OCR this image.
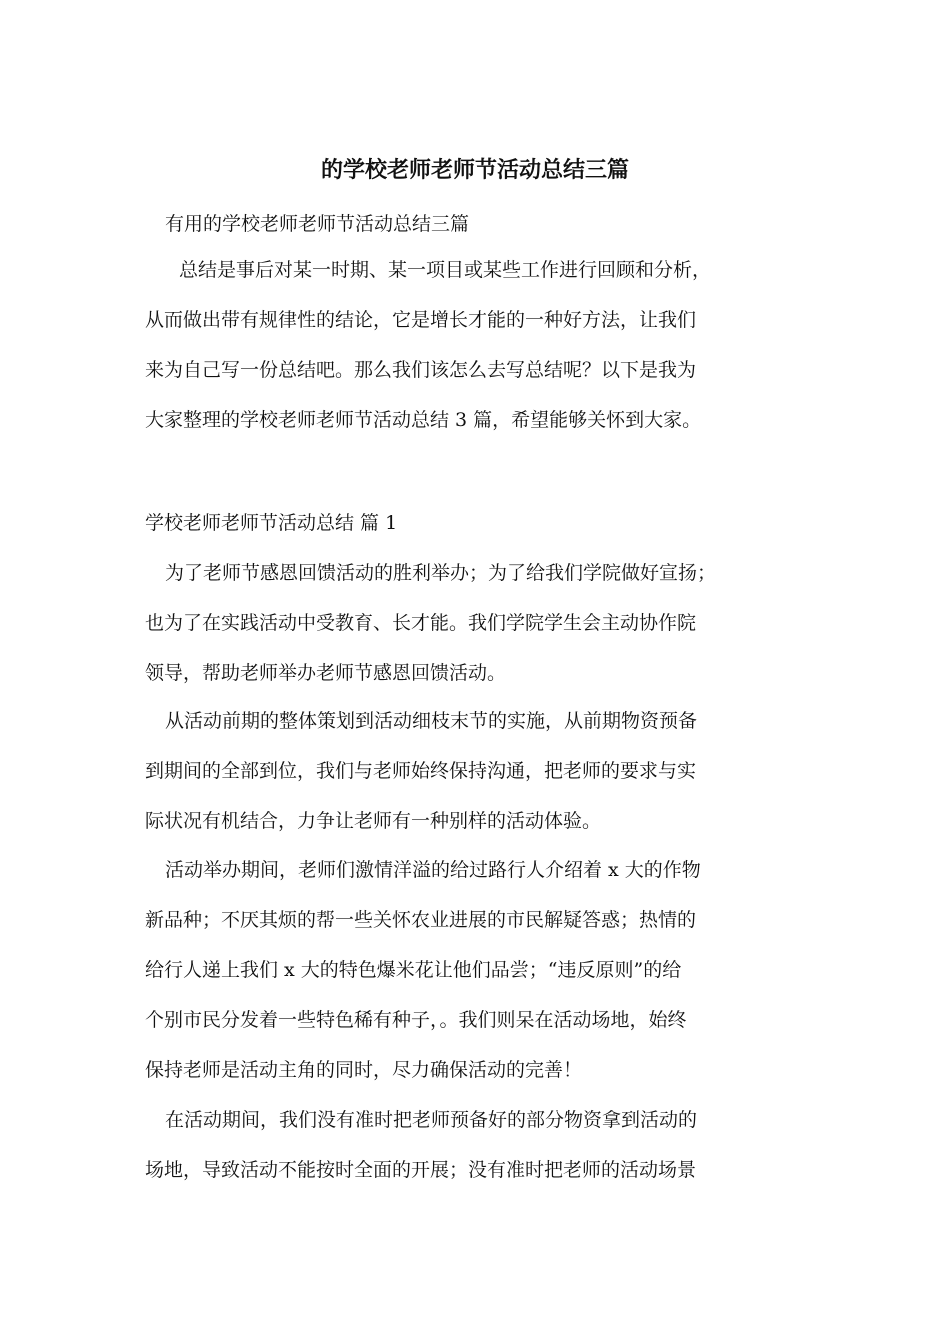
的学校老师老师节活动总结三篇
有用的学校老师老师节活动总结三篇
总结是事后对某一时期、某一项目或某些工作进行回顾和分析，
从而做出带有规律性的结论，它是增长才能的一种好方法，让我们
来为自己写一份总结吧。那么我们该怎么去写总结呢？以下是我为
大家整理的学校老师老师节活动总结 3 篇，希望能够关怀到大家。
学校老师老师节活动总结 篇 1
为了老师节感恩回馈活动的胜利举办；为了给我们学院做好宣扬；
也为了在实践活动中受教育、长才能。我们学院学生会主动协作院
领导，帮助老师举办老师节感恩回馈活动。
从活动前期的整体策划到活动细枝末节的实施，从前期物资预备
到期间的全部到位，我们与老师始终保持沟通，把老师的要求与实
际状况有机结合，力争让老师有一种别样的活动体验。
活动举办期间，老师们激情洋溢的给过路行人介绍着 x 大的作物
新品种；不厌其烦的帮一些关怀农业进展的市民解疑答惑；热情的
给行人递上我们 x 大的特色爆米花让他们品尝；“违反原则”的给
个别市民分发着一些特色稀有种子，。我们则呆在活动场地，始终
保持老师是活动主角的同时，尽力确保活动的完善！
在活动期间，我们没有准时把老师预备好的部分物资拿到活动的
场地，导致活动不能按时全面的开展；没有准时把老师的活动场景
